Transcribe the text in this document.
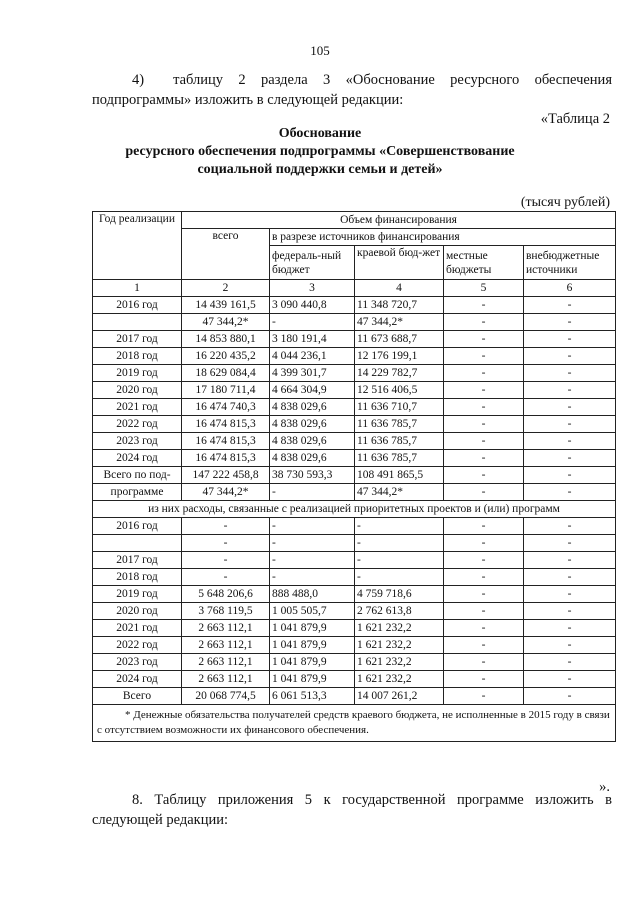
105
4)  таблицу 2 раздела 3 «Обоснование ресурсного обеспечения подпрограммы» изложить в следующей редакции:
«Таблица 2
Обоснование
ресурсного обеспечения подпрограммы «Совершенствование
социальной поддержки семьи и детей»
(тысяч рублей)
Год реализации	Объем финансирования				
	всего	в разрезе источников финансирования			
		федераль-ный бюджет	краевой бюд-жет	местные бюджеты	внебюджетные источники
1	2	3	4	5	6
2016 год	14 439 161,5	3 090 440,8	11 348 720,7	-	-
	47 344,2*	-	47 344,2*	-	-
2017 год	14 853 880,1	3 180 191,4	11 673 688,7	-	-
2018 год	16 220 435,2	4 044 236,1	12 176 199,1	-	-
2019 год	18 629 084,4	4 399 301,7	14 229 782,7	-	-
2020 год	17 180 711,4	4 664 304,9	12 516 406,5	-	-
2021 год	16 474 740,3	4 838 029,6	11 636 710,7	-	-
2022 год	16 474 815,3	4 838 029,6	11 636 785,7	-	-
2023 год	16 474 815,3	4 838 029,6	11 636 785,7	-	-
2024 год	16 474 815,3	4 838 029,6	11 636 785,7	-	-
Всего по под-	147 222 458,8	38 730 593,3	108 491 865,5	-	-
программе	47 344,2*	-	47 344,2*	-	-
из них расходы, связанные с реализацией приоритетных проектов и (или) программ					
2016 год	-	-	-	-	-
	-	-	-	-	-
2017 год	-	-	-	-	-
2018 год	-	-	-	-	-
2019 год	5 648 206,6	888 488,0	4 759 718,6	-	-
2020 год	3 768 119,5	1 005 505,7	2 762 613,8	-	-
2021 год	2 663 112,1	1 041 879,9	1 621 232,2	-	-
2022 год	2 663 112,1	1 041 879,9	1 621 232,2	-	-
2023 год	2 663 112,1	1 041 879,9	1 621 232,2	-	-
2024 год	2 663 112,1	1 041 879,9	1 621 232,2	-	-
Всего	20 068 774,5	6 061 513,3	14 007 261,2	-	-
* Денежные обязательства получателей средств краевого бюджета, не исполненные в 2015 году в связи с отсутствием возможности их финансового обеспечения.					
».
8. Таблицу приложения 5 к государственной программе изложить в следующей редакции:
